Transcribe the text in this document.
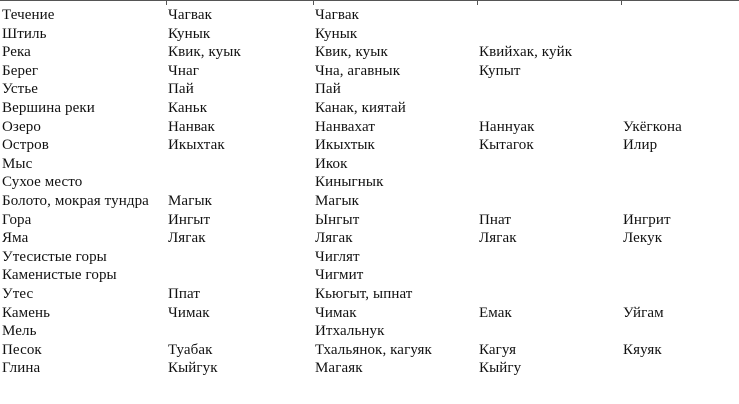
Течение	Чагвак	Чагвак		
Штиль	Кунык	Кунык		
Река	Квик, куык	Квик, куык	Квийхак, куйк	
Берег	Чнаг	Чна, агавнык	Купыт	
Устье	Пай	Пай		
Вершина реки	Каньк	Канак, киятай		
Озеро	Нанвак	Нанвахат	Наннуак	Укёгкона
Остров	Икыхтак	Икыхтык	Кытагок	Илир
Мыс		Икок		
Сухое место		Киныгнык		
Болото, мокрая тундра	Магык	Магык		
Гора	Ингыт	Ынгыт	Пнат	Ингрит
Яма	Лягак	Лягак	Лягак	Лекук
Утесистые горы		Чиглят		
Каменистые горы		Чигмит		
Утес	Ппат	Кьюгыт, ыпнат		
Камень	Чимак	Чимак	Емак	Уйгам
Мель		Итхальнук		
Песок	Туабак	Тхальянок, кагуяк	Кагуя	Кяуяк
Глина	Кыйгук	Магаяк	Кыйгу	
